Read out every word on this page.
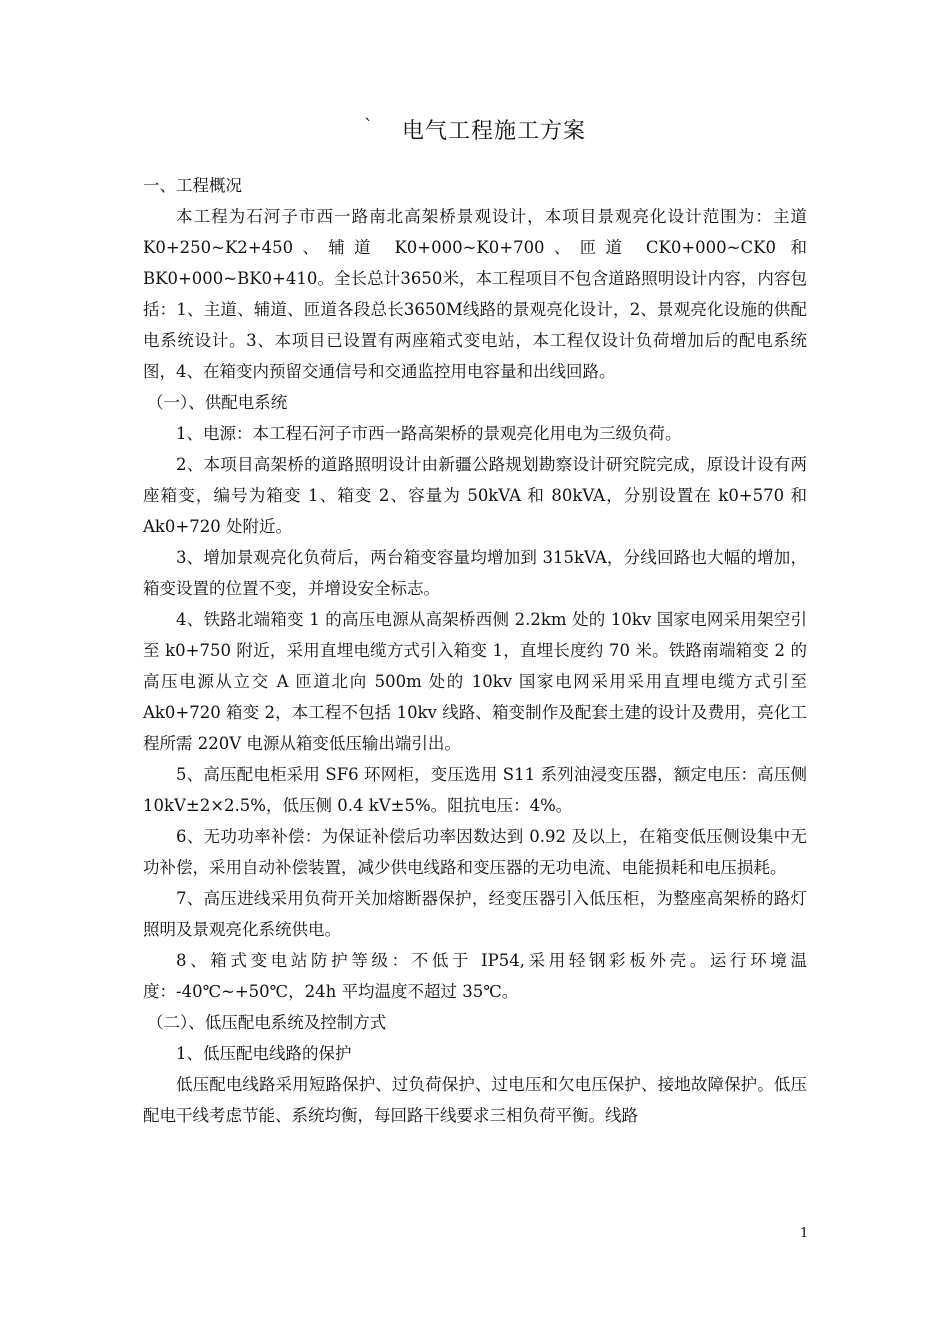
` 电气工程施工方案

一、工程概况

本工程为石河子市西一路南北高架桥景观设计，本项目景观亮化设计范围为：主道 K0+250~K2+450、辅道 K0+000~K0+700、匝道 CK0+000~CK0 和 BK0+000~BK0+410。全长总计3650米，本工程项目不包含道路照明设计内容，内容包括：1、主道、辅道、匝道各段总长3650M线路的景观亮化设计，2、景观亮化设施的供配电系统设计。3、本项目已设置有两座箱式变电站，本工程仅设计负荷增加后的配电系统图，4、在箱变内预留交通信号和交通监控用电容量和出线回路。

（一）、供配电系统

1、电源：本工程石河子市西一路高架桥的景观亮化用电为三级负荷。

2、本项目高架桥的道路照明设计由新疆公路规划勘察设计研究院完成，原设计设有两座箱变，编号为箱变 1、箱变 2、容量为 50kVA 和 80kVA，分别设置在 k0+570 和 Ak0+720 处附近。

3、增加景观亮化负荷后，两台箱变容量均增加到 315kVA，分线回路也大幅的增加，箱变设置的位置不变，并增设安全标志。

4、铁路北端箱变 1 的高压电源从高架桥西侧 2.2km 处的 10kv 国家电网采用架空引至 k0+750 附近，采用直埋电缆方式引入箱变 1，直埋长度约 70 米。铁路南端箱变 2 的高压电源从立交 A 匝道北向 500m 处的 10kv 国家电网采用采用直埋电缆方式引至 Ak0+720 箱变 2，本工程不包括 10kv 线路、箱变制作及配套土建的设计及费用，亮化工程所需 220V 电源从箱变低压输出端引出。

5、高压配电柜采用 SF6 环网柜，变压选用 S11 系列油浸变压器，额定电压：高压侧 10kV±2×2.5%，低压侧 0.4 kV±5%。阻抗电压：4%。

6、无功功率补偿：为保证补偿后功率因数达到 0.92 及以上，在箱变低压侧设集中无功补偿，采用自动补偿装置，减少供电线路和变压器的无功电流、电能损耗和电压损耗。

7、高压进线采用负荷开关加熔断器保护，经变压器引入低压柜，为整座高架桥的路灯照明及景观亮化系统供电。

8、箱式变电站防护等级：不低于 IP54,采用轻钢彩板外壳。运行环境温度：-40℃~+50℃，24h 平均温度不超过 35℃。

（二）、低压配电系统及控制方式

1、低压配电线路的保护

低压配电线路采用短路保护、过负荷保护、过电压和欠电压保护、接地故障保护。低压配电干线考虑节能、系统均衡，每回路干线要求三相负荷平衡。线路

1
